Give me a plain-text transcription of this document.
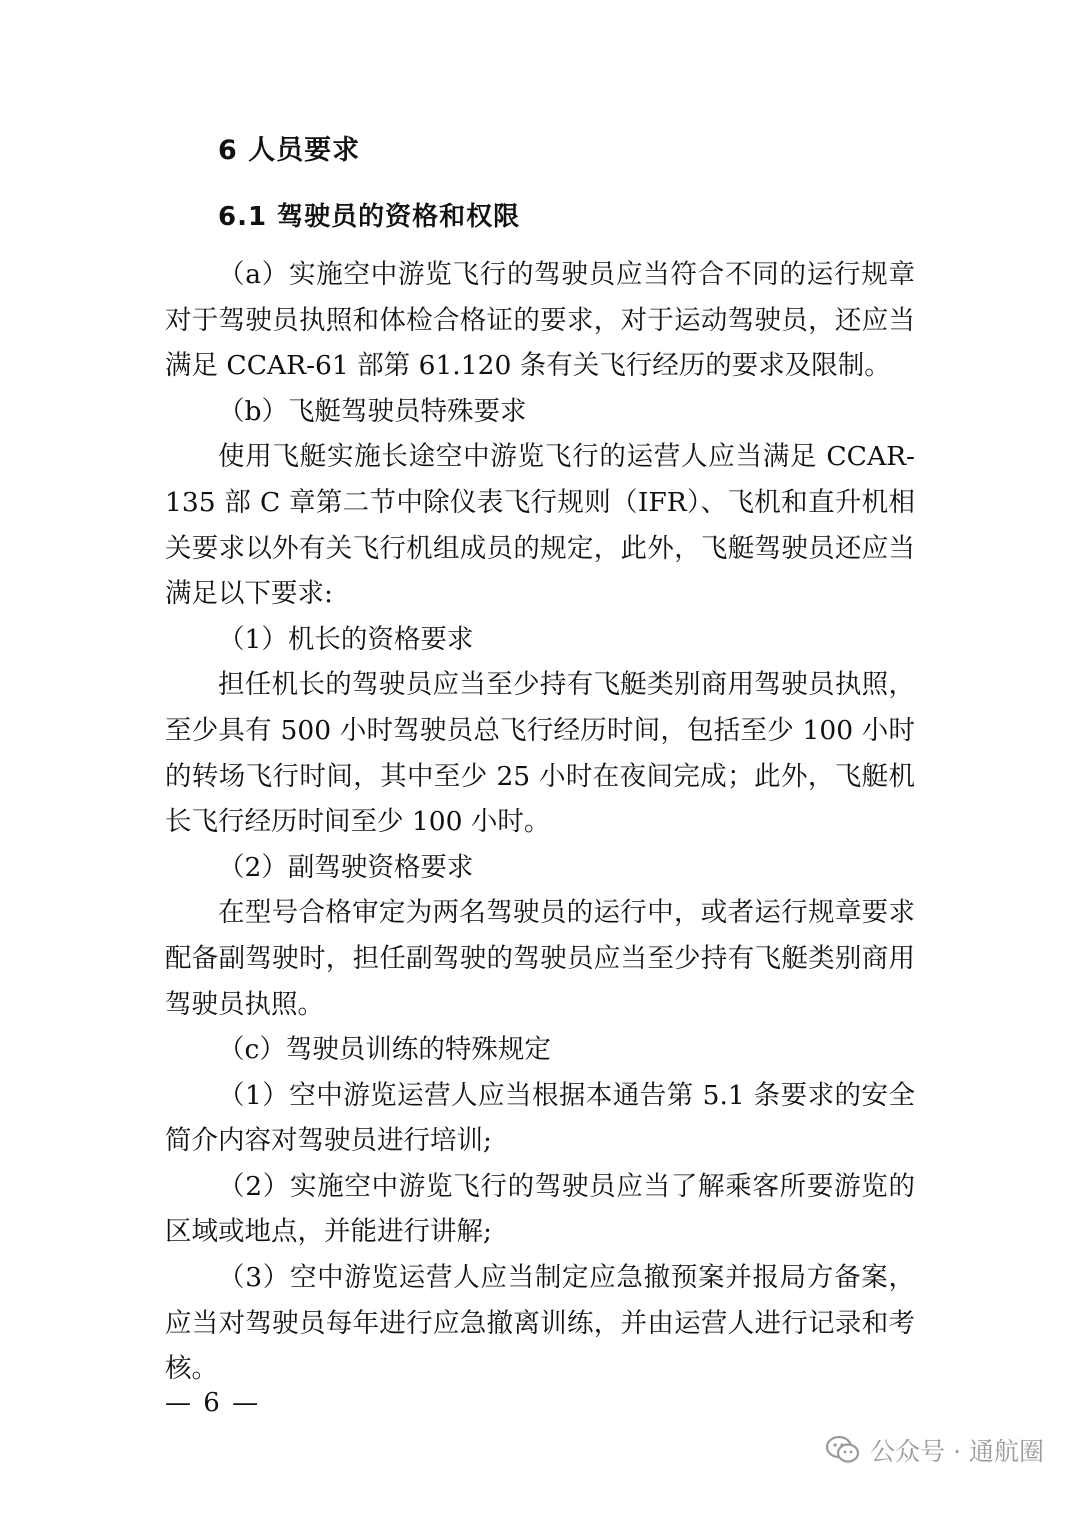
6 人员要求
6.1 驾驶员的资格和权限

（a）实施空中游览飞行的驾驶员应当符合不同的运行规章对于驾驶员执照和体检合格证的要求，对于运动驾驶员，还应当满足 CCAR-61 部第 61.120 条有关飞行经历的要求及限制。

（b）飞艇驾驶员特殊要求

使用飞艇实施长途空中游览飞行的运营人应当满足 CCAR-135 部 C 章第二节中除仪表飞行规则（IFR）、飞机和直升机相关要求以外有关飞行机组成员的规定，此外，飞艇驾驶员还应当满足以下要求:

（1）机长的资格要求

担任机长的驾驶员应当至少持有飞艇类别商用驾驶员执照，至少具有 500 小时驾驶员总飞行经历时间，包括至少 100 小时的转场飞行时间，其中至少 25 小时在夜间完成；此外，飞艇机长飞行经历时间至少 100 小时。

（2）副驾驶资格要求

在型号合格审定为两名驾驶员的运行中，或者运行规章要求配备副驾驶时，担任副驾驶的驾驶员应当至少持有飞艇类别商用驾驶员执照。

（c）驾驶员训练的特殊规定

（1）空中游览运营人应当根据本通告第 5.1 条要求的安全简介内容对驾驶员进行培训;

（2）实施空中游览飞行的驾驶员应当了解乘客所要游览的区域或地点，并能进行讲解;

（3）空中游览运营人应当制定应急撤预案并报局方备案，应当对驾驶员每年进行应急撤离训练，并由运营人进行记录和考核。

— 6 —
公众号 · 通航圈
